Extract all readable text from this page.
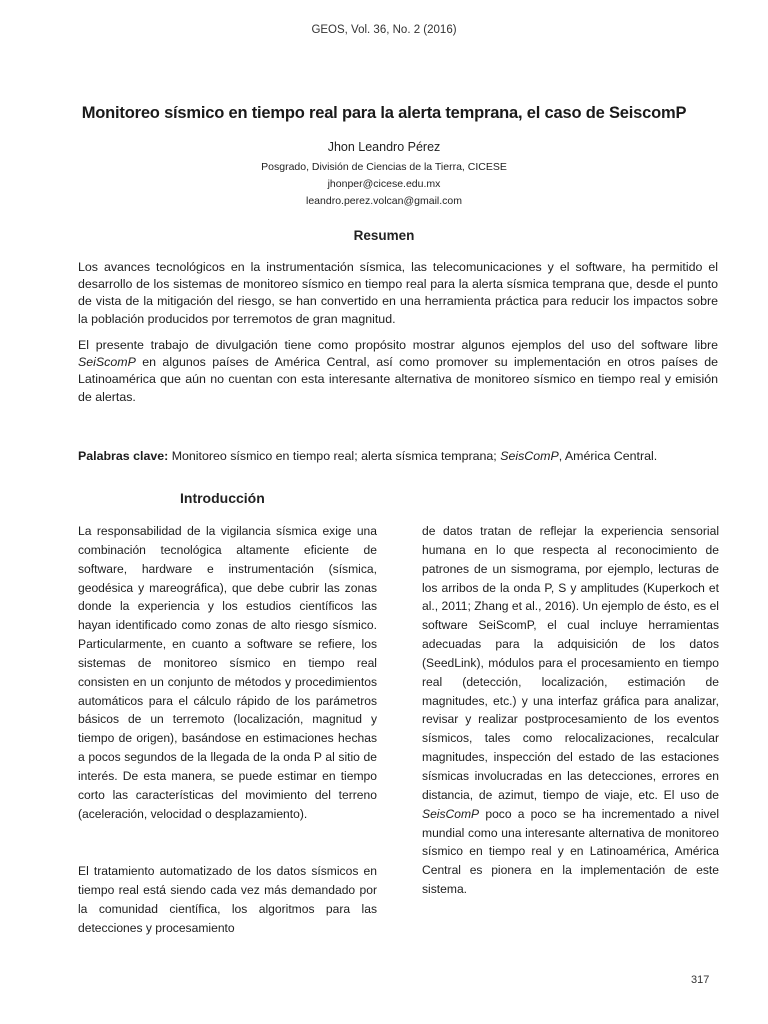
GEOS, Vol. 36, No. 2 (2016)
Monitoreo sísmico en tiempo real para la alerta temprana, el caso de SeiscomP
Jhon Leandro Pérez
Posgrado, División de Ciencias de la Tierra, CICESE
jhonper@cicese.edu.mx
leandro.perez.volcan@gmail.com
Resumen

Los avances tecnológicos en la instrumentación sísmica, las telecomunicaciones y el software, ha permitido el desarrollo de los sistemas de monitoreo sísmico en tiempo real para la alerta sísmica temprana que, desde el punto de vista de la mitigación del riesgo, se han convertido en una herramienta práctica para reducir los impactos sobre la población producidos por terremotos de gran magnitud.

El presente trabajo de divulgación tiene como propósito mostrar algunos ejemplos del uso del software libre SeiScomP en algunos países de América Central, así como promover su implementación en otros países de Latinoamérica que aún no cuentan con esta interesante alternativa de monitoreo sísmico en tiempo real y emisión de alertas.

Palabras clave: Monitoreo sísmico en tiempo real; alerta sísmica temprana; SeisComP, América Central.

Introducción

La responsabilidad de la vigilancia sísmica exige una combinación tecnológica altamente eficiente de software, hardware e instrumentación (sísmica, geodésica y mareográfica), que debe cubrir las zonas donde la experiencia y los estudios científicos las hayan identificado como zonas de alto riesgo sísmico. Particularmente, en cuanto a software se refiere, los sistemas de monitoreo sísmico en tiempo real consisten en un conjunto de métodos y procedimientos automáticos para el cálculo rápido de los parámetros básicos de un terremoto (localización, magnitud y tiempo de origen), basándose en estimaciones hechas a pocos segundos de la llegada de la onda P al sitio de interés. De esta manera, se puede estimar en tiempo corto las características del movimiento del terreno (aceleración, velocidad o desplazamiento).

El tratamiento automatizado de los datos sísmicos en tiempo real está siendo cada vez más demandado por la comunidad científica, los algoritmos para las detecciones y procesamiento

de datos tratan de reflejar la experiencia sensorial humana en lo que respecta al reconocimiento de patrones de un sismograma, por ejemplo, lecturas de los arribos de la onda P, S y amplitudes (Kuperkoch et al., 2011; Zhang et al., 2016). Un ejemplo de ésto, es el software SeiScomP, el cual incluye herramientas adecuadas para la adquisición de los datos (SeedLink), módulos para el procesamiento en tiempo real (detección, localización, estimación de magnitudes, etc.) y una interfaz gráfica para analizar, revisar y realizar postprocesamiento de los eventos sísmicos, tales como relocalizaciones, recalcular magnitudes, inspección del estado de las estaciones sísmicas involucradas en las detecciones, errores en distancia, de azimut, tiempo de viaje, etc. El uso de SeisComP poco a poco se ha incrementado a nivel mundial como una interesante alternativa de monitoreo sísmico en tiempo real y en Latinoamérica, América Central es pionera en la implementación de este sistema.

317
